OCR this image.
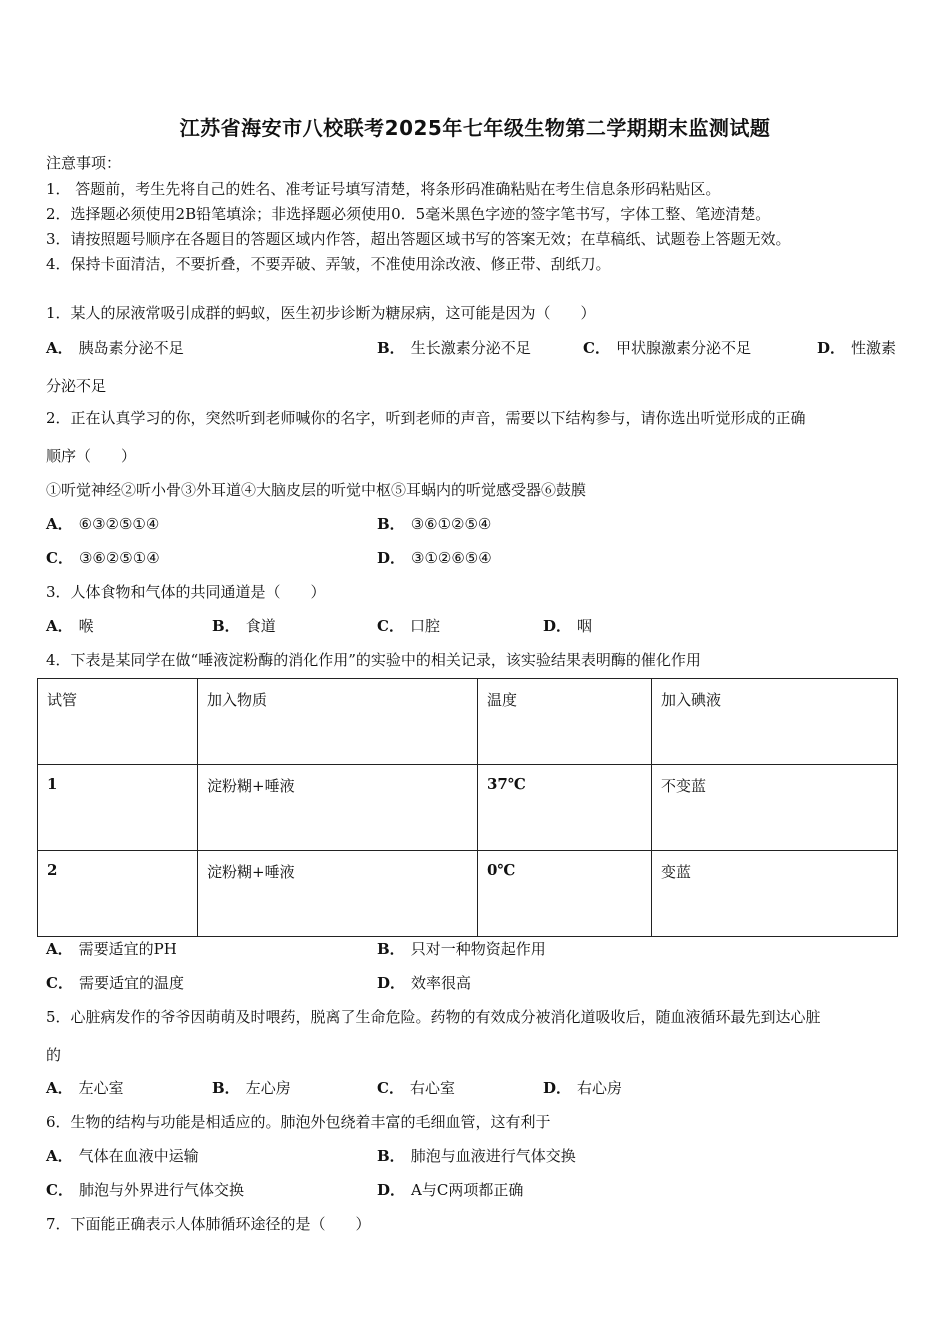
江苏省海安市八校联考2025年七年级生物第二学期期末监测试题
注意事项：
1． 答题前，考生先将自己的姓名、准考证号填写清楚，将条形码准确粘贴在考生信息条形码粘贴区。
2．选择题必须使用2B铅笔填涂；非选择题必须使用0．5毫米黑色字迹的签字笔书写，字体工整、笔迹清楚。
3．请按照题号顺序在各题目的答题区域内作答，超出答题区域书写的答案无效；在草稿纸、试题卷上答题无效。
4．保持卡面清洁，不要折叠，不要弄破、弄皱，不准使用涂改液、修正带、刮纸刀。
1．某人的尿液常吸引成群的蚂蚁，医生初步诊断为糖尿病，这可能是因为（　　）
A． 胰岛素分泌不足	B． 生长激素分泌不足	C． 甲状腺激素分泌不足	D． 性激素
分泌不足
2．正在认真学习的你，突然听到老师喊你的名字，听到老师的声音，需要以下结构参与，请你选出听觉形成的正确
顺序（　　）
①听觉神经②听小骨③外耳道④大脑皮层的听觉中枢⑤耳蜗内的听觉感受器⑥鼓膜
A． ⑥③②⑤①④	B． ③⑥①②⑤④
C． ③⑥②⑤①④	D． ③①②⑥⑤④
3．人体食物和气体的共同通道是（　　）
A． 喉	B． 食道	C． 口腔	D． 咽
4．下表是某同学在做“唾液淀粉酶的消化作用”的实验中的相关记录，该实验结果表明酶的催化作用
试管	加入物质	温度	加入碘液
1	淀粉糊+唾液	37℃	不变蓝
2	淀粉糊+唾液	0℃	变蓝
A． 需要适宜的PH	B． 只对一种物资起作用
C． 需要适宜的温度	D． 效率很高
5．心脏病发作的爷爷因萌萌及时喂药，脱离了生命危险。药物的有效成分被消化道吸收后，随血液循环最先到达心脏
的
A． 左心室	B． 左心房	C． 右心室	D． 右心房
6．生物的结构与功能是相适应的。肺泡外包绕着丰富的毛细血管，这有利于
A． 气体在血液中运输	B． 肺泡与血液进行气体交换
C． 肺泡与外界进行气体交换	D． A与C两项都正确
7．下面能正确表示人体肺循环途径的是（　　）
